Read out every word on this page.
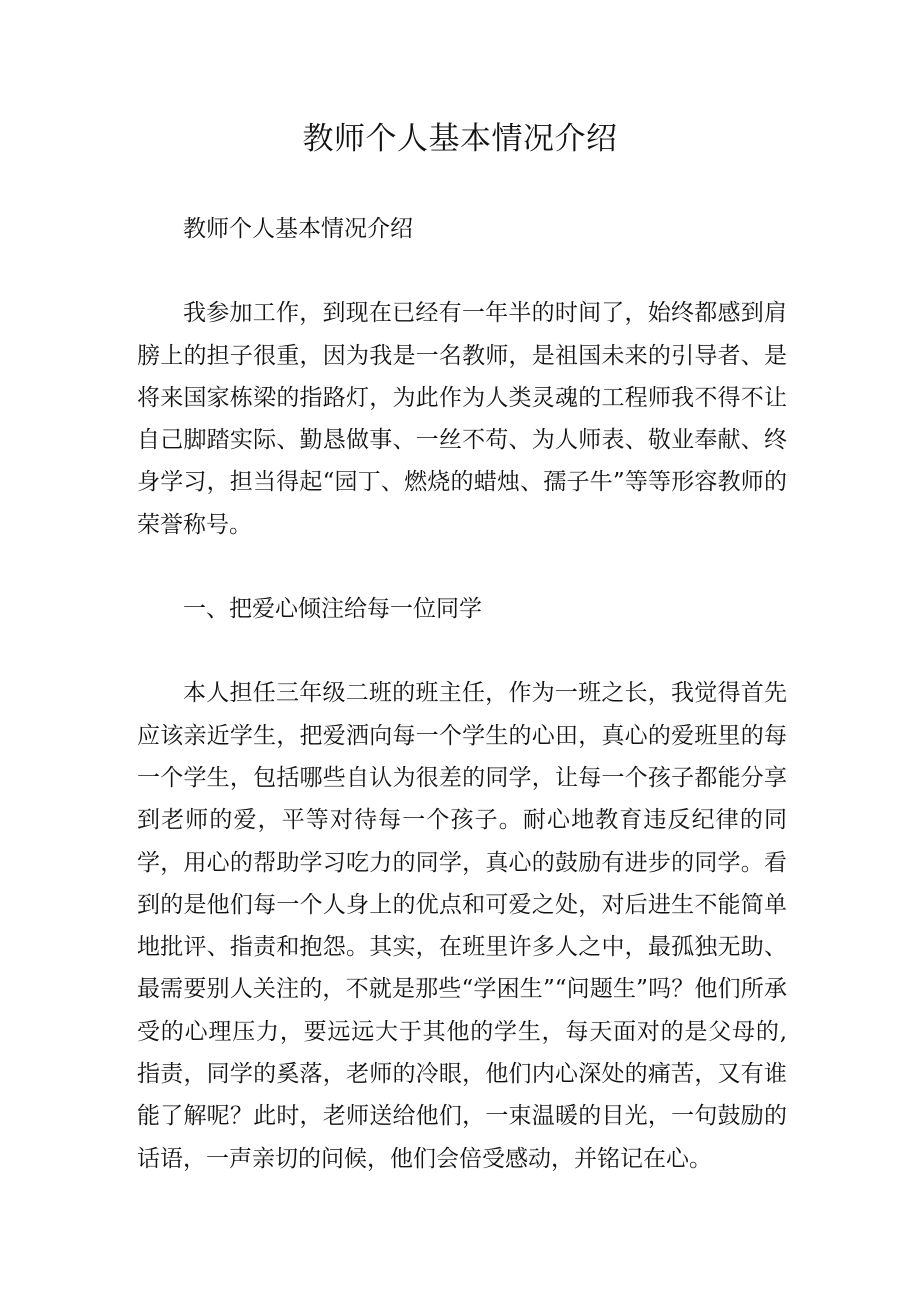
教师个人基本情况介绍

教师个人基本情况介绍

我参加工作，到现在已经有一年半的时间了，始终都感到肩膀上的担子很重，因为我是一名教师，是祖国未来的引导者、是将来国家栋梁的指路灯，为此作为人类灵魂的工程师我不得不让自己脚踏实际、勤恳做事、一丝不苟、为人师表、敬业奉献、终身学习，担当得起“园丁、燃烧的蜡烛、孺子牛”等等形容教师的荣誉称号。

一、把爱心倾注给每一位同学

本人担任三年级二班的班主任，作为一班之长，我觉得首先应该亲近学生，把爱洒向每一个学生的心田，真心的爱班里的每一个学生，包括哪些自认为很差的同学，让每一个孩子都能分享到老师的爱，平等对待每一个孩子。耐心地教育违反纪律的同学，用心的帮助学习吃力的同学，真心的鼓励有进步的同学。看到的是他们每一个人身上的优点和可爱之处，对后进生不能简单地批评、指责和抱怨。其实，在班里许多人之中，最孤独无助、最需要别人关注的，不就是那些“学困生”“问题生”吗？他们所承受的心理压力，要远远大于其他的学生，每天面对的是父母的,指责，同学的奚落，老师的冷眼，他们内心深处的痛苦，又有谁能了解呢？此时，老师送给他们，一束温暖的目光，一句鼓励的话语，一声亲切的问候，他们会倍受感动，并铭记在心。
